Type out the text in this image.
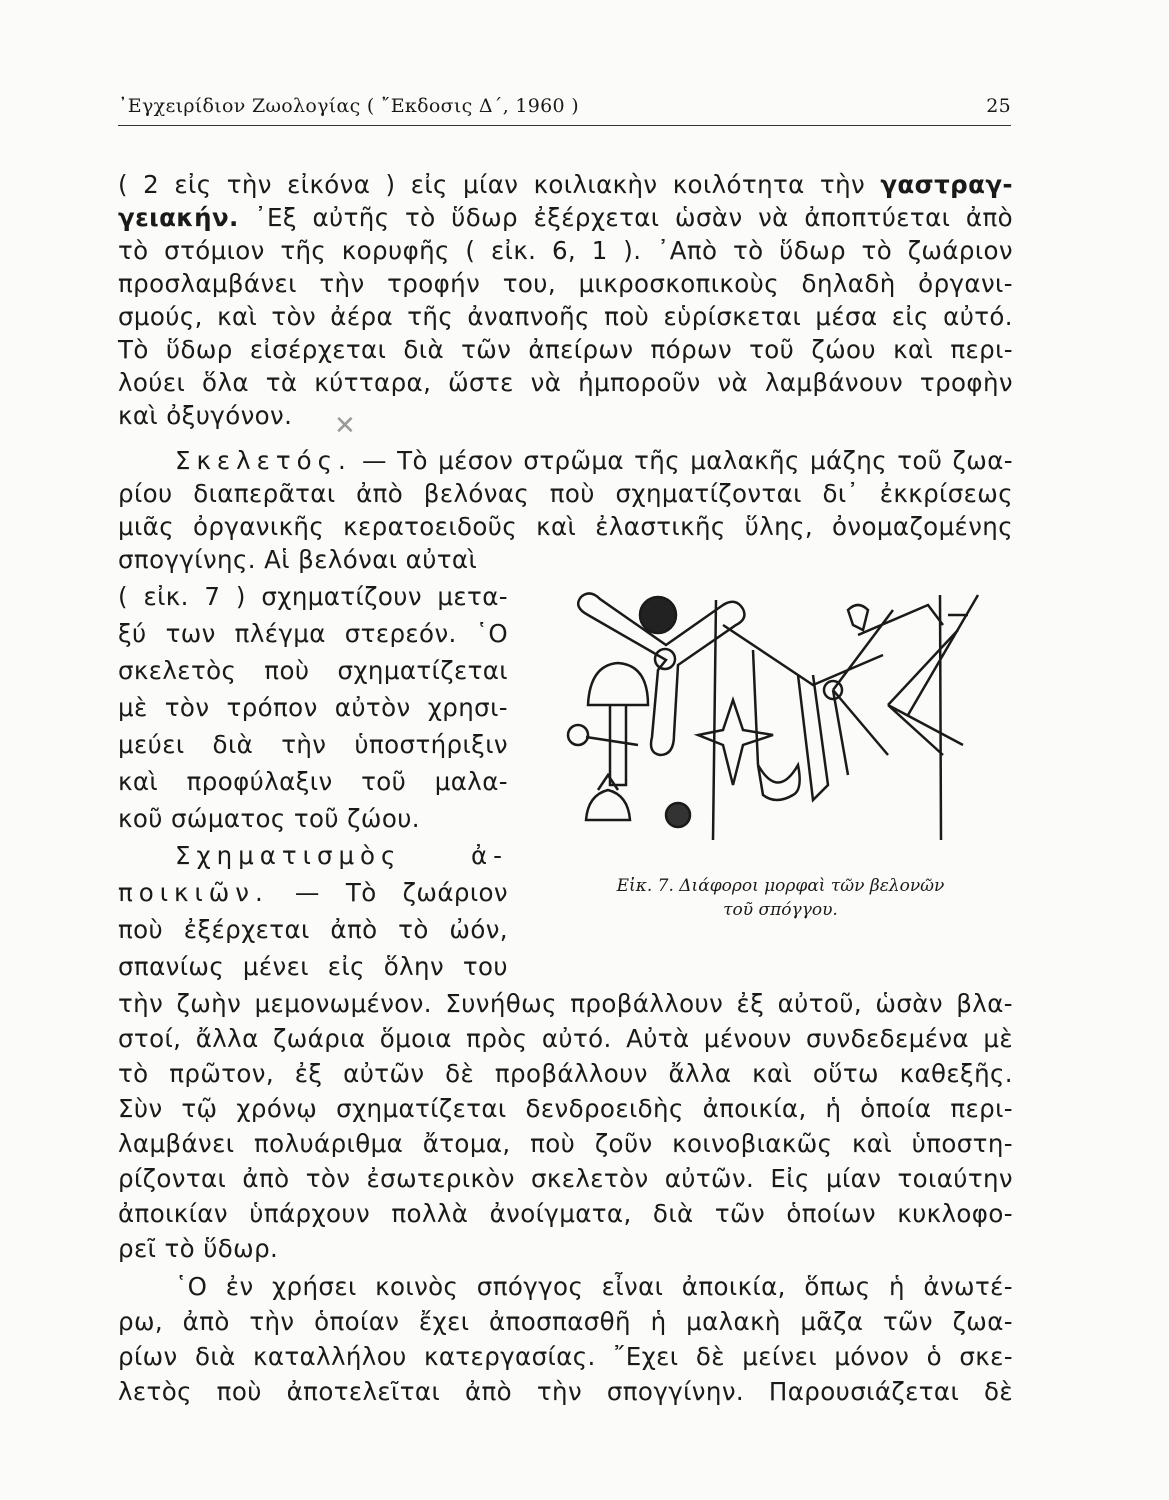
᾿Εγχειρίδιον Ζωολογίας ( ῎Εκδοσις Δ΄, 1960 )	25
( 2 εἰς τὴν εἰκόνα ) εἰς μίαν κοιλιακὴν κοιλότητα τὴν γαστραγ-
γειακήν. ᾿Εξ αὐτῆς τὸ ὕδωρ ἐξέρχεται ὡσὰν νὰ ἀποπτύεται ἀπὸ
τὸ στόμιον τῆς κορυφῆς ( εἰκ. 6, 1 ). ᾿Απὸ τὸ ὕδωρ τὸ ζωάριον
προσλαμβάνει τὴν τροφήν του, μικροσκοπικοὺς δηλαδὴ ὀργανι-
σμούς, καὶ τὸν ἀέρα τῆς ἀναπνοῆς ποὺ εὑρίσκεται μέσα εἰς αὐτό.
Τὸ ὕδωρ εἰσέρχεται διὰ τῶν ἀπείρων πόρων τοῦ ζώου καὶ περι-
λούει ὅλα τὰ κύτταρα, ὥστε νὰ ἠμποροῦν νὰ λαμβάνουν τροφὴν
καὶ ὀξυγόνον. ✕
Σκελετός. — Τὸ μέσον στρῶμα τῆς μαλακῆς μάζης τοῦ ζωα-
ρίου διαπερᾶται ἀπὸ βελόνας ποὺ σχηματίζονται δι᾿ ἐκκρίσεως
μιᾶς ὀργανικῆς κερατοειδοῦς καὶ ἐλαστικῆς ὕλης, ὀνομαζομένης
σπογγίνης. Αἱ βελόναι αὐταὶ
( εἰκ. 7 ) σχηματίζουν μετα-
ξύ των πλέγμα στερεόν. ῾Ο
σκελετὸς ποὺ σχηματίζεται
μὲ τὸν τρόπον αὐτὸν χρησι-
μεύει διὰ τὴν ὑποστήριξιν
καὶ προφύλαξιν τοῦ μαλα-
κοῦ σώματος τοῦ ζώου.
Σχηματισμὸς ἀ-
ποικιῶν. — Τὸ ζωάριον
ποὺ ἐξέρχεται ἀπὸ τὸ ὠόν,
σπανίως μένει εἰς ὅλην του
Εἰκ. 7. Διάφοροι μορφαὶ τῶν βελονῶν
τοῦ σπόγγου.
τὴν ζωὴν μεμονωμένον. Συνήθως προβάλλουν ἐξ αὐτοῦ, ὡσὰν βλα-
στοί, ἄλλα ζωάρια ὅμοια πρὸς αὐτό. Αὐτὰ μένουν συνδεδεμένα μὲ
τὸ πρῶτον, ἐξ αὐτῶν δὲ προβάλλουν ἄλλα καὶ οὕτω καθεξῆς.
Σὺν τῷ χρόνῳ σχηματίζεται δενδροειδὴς ἀποικία, ἡ ὁποία περι-
λαμβάνει πολυάριθμα ἄτομα, ποὺ ζοῦν κοινοβιακῶς καὶ ὑποστη-
ρίζονται ἀπὸ τὸν ἐσωτερικὸν σκελετὸν αὐτῶν. Εἰς μίαν τοιαύτην
ἀποικίαν ὑπάρχουν πολλὰ ἀνοίγματα, διὰ τῶν ὁποίων κυκλοφο-
ρεῖ τὸ ὕδωρ.
῾Ο ἐν χρήσει κοινὸς σπόγγος εἶναι ἀποικία, ὅπως ἡ ἀνωτέ-
ρω, ἀπὸ τὴν ὁποίαν ἔχει ἀποσπασθῆ ἡ μαλακὴ μᾶζα τῶν ζωα-
ρίων διὰ καταλλήλου κατεργασίας. ῎Εχει δὲ μείνει μόνον ὁ σκε-
λετὸς ποὺ ἀποτελεῖται ἀπὸ τὴν σπογγίνην. Παρουσιάζεται δὲ
